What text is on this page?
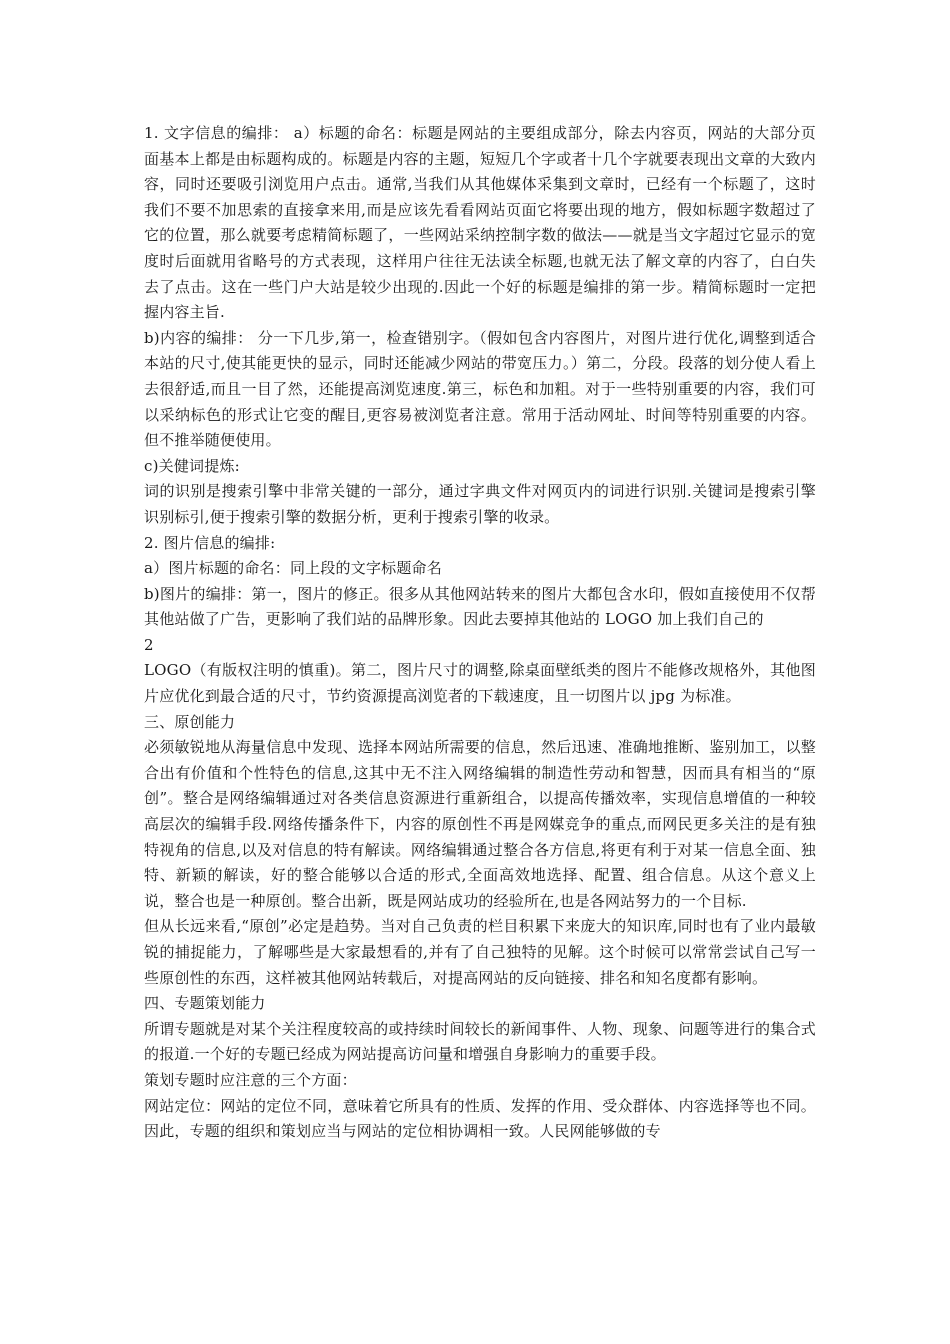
1. 文字信息的编排： a）标题的命名：标题是网站的主要组成部分，除去内容页，网站的大部分页面基本上都是由标题构成的。标题是内容的主题，短短几个字或者十几个字就要表现出文章的大致内容，同时还要吸引浏览用户点击。通常,当我们从其他媒体采集到文章时，已经有一个标题了，这时我们不要不加思索的直接拿来用,而是应该先看看网站页面它将要出现的地方，假如标题字数超过了它的位置，那么就要考虑精简标题了，一些网站采纳控制字数的做法——就是当文字超过它显示的宽度时后面就用省略号的方式表现，这样用户往往无法读全标题,也就无法了解文章的内容了，白白失去了点击。这在一些门户大站是较少出现的.因此一个好的标题是编排的第一步。精简标题时一定把握内容主旨.

b)内容的编排： 分一下几步,第一，检查错别字。（假如包含内容图片，对图片进行优化,调整到适合本站的尺寸,使其能更快的显示，同时还能减少网站的带宽压力。）第二，分段。段落的划分使人看上去很舒适,而且一目了然，还能提高浏览速度.第三，标色和加粗。对于一些特别重要的内容，我们可以采纳标色的形式让它变的醒目,更容易被浏览者注意。常用于活动网址、时间等特别重要的内容。但不推举随便使用。

c)关健词提炼:

词的识别是搜索引擎中非常关键的一部分，通过字典文件对网页内的词进行识别.关键词是搜索引擎识别标引,便于搜索引擎的数据分析，更利于搜索引擎的收录。

2. 图片信息的编排:

a）图片标题的命名：同上段的文字标题命名

b)图片的编排：第一，图片的修正。很多从其他网站转来的图片大都包含水印，假如直接使用不仅帮其他站做了广告，更影响了我们站的品牌形象。因此去要掉其他站的 LOGO 加上我们自己的

2

LOGO（有版权注明的慎重)。第二，图片尺寸的调整,除桌面壁纸类的图片不能修改规格外，其他图片应优化到最合适的尺寸，节约资源提高浏览者的下载速度，且一切图片以 jpg 为标准。

三、原创能力

必须敏锐地从海量信息中发现、选择本网站所需要的信息，然后迅速、准确地推断、鉴别加工，以整合出有价值和个性特色的信息,这其中无不注入网络编辑的制造性劳动和智慧，因而具有相当的“原创”。整合是网络编辑通过对各类信息资源进行重新组合，以提高传播效率，实现信息增值的一种较高层次的编辑手段.网络传播条件下，内容的原创性不再是网媒竞争的重点,而网民更多关注的是有独特视角的信息,以及对信息的特有解读。网络编辑通过整合各方信息,将更有利于对某一信息全面、独特、新颖的解读，好的整合能够以合适的形式,全面高效地选择、配置、组合信息。从这个意义上说，整合也是一种原创。整合出新，既是网站成功的经验所在,也是各网站努力的一个目标.

但从长远来看,“原创”必定是趋势。当对自己负责的栏目积累下来庞大的知识库,同时也有了业内最敏锐的捕捉能力，了解哪些是大家最想看的,并有了自己独特的见解。这个时候可以常常尝试自己写一些原创性的东西，这样被其他网站转载后，对提高网站的反向链接、排名和知名度都有影响。

四、专题策划能力

所谓专题就是对某个关注程度较高的或持续时间较长的新闻事件、人物、现象、问题等进行的集合式的报道.一个好的专题已经成为网站提高访问量和增强自身影响力的重要手段。

策划专题时应注意的三个方面：

网站定位：网站的定位不同，意味着它所具有的性质、发挥的作用、受众群体、内容选择等也不同。因此，专题的组织和策划应当与网站的定位相协调相一致。人民网能够做的专
